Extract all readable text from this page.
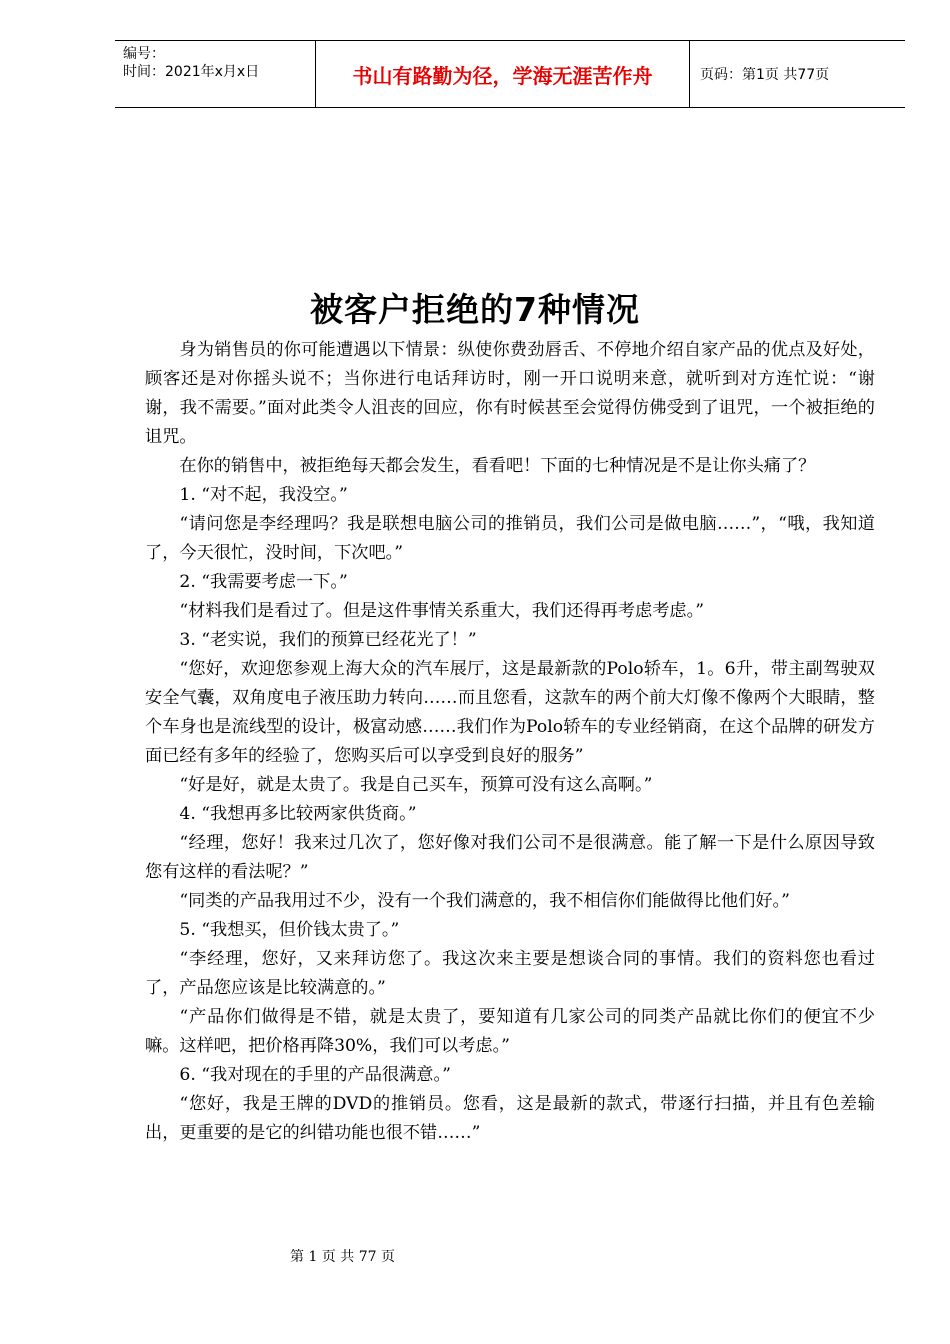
编号：
时间：2021年x月x日	书山有路勤为径，学海无涯苦作舟	页码：第1页 共77页
被客户拒绝的7种情况

身为销售员的你可能遭遇以下情景：纵使你费劲唇舌、不停地介绍自家产品的优点及好处，顾客还是对你摇头说不；当你进行电话拜访时，刚一开口说明来意，就听到对方连忙说：“谢谢，我不需要。”面对此类令人沮丧的回应，你有时候甚至会觉得仿佛受到了诅咒，一个被拒绝的诅咒。

在你的销售中，被拒绝每天都会发生，看看吧！下面的七种情况是不是让你头痛了？

1. “对不起，我没空。”

“请问您是李经理吗？我是联想电脑公司的推销员，我们公司是做电脑……”，“哦，我知道了，今天很忙，没时间，下次吧。”

2. “我需要考虑一下。”

“材料我们是看过了。但是这件事情关系重大，我们还得再考虑考虑。”

3. “老实说，我们的预算已经花光了！”

“您好，欢迎您参观上海大众的汽车展厅，这是最新款的Polo轿车，1。6升，带主副驾驶双安全气囊，双角度电子液压助力转向……而且您看，这款车的两个前大灯像不像两个大眼睛，整个车身也是流线型的设计，极富动感……我们作为Polo轿车的专业经销商，在这个品牌的研发方面已经有多年的经验了，您购买后可以享受到良好的服务”

“好是好，就是太贵了。我是自己买车，预算可没有这么高啊。”

4. “我想再多比较两家供货商。”

“经理，您好！我来过几次了，您好像对我们公司不是很满意。能了解一下是什么原因导致您有这样的看法呢？”

“同类的产品我用过不少，没有一个我们满意的，我不相信你们能做得比他们好。”

5. “我想买，但价钱太贵了。”

“李经理，您好，又来拜访您了。我这次来主要是想谈合同的事情。我们的资料您也看过了，产品您应该是比较满意的。”

“产品你们做得是不错，就是太贵了，要知道有几家公司的同类产品就比你们的便宜不少嘛。这样吧，把价格再降30%，我们可以考虑。”

6. “我对现在的手里的产品很满意。”

“您好，我是王牌的DVD的推销员。您看，这是最新的款式，带逐行扫描，并且有色差输出，更重要的是它的纠错功能也很不错……”

第 1 页 共 77 页
